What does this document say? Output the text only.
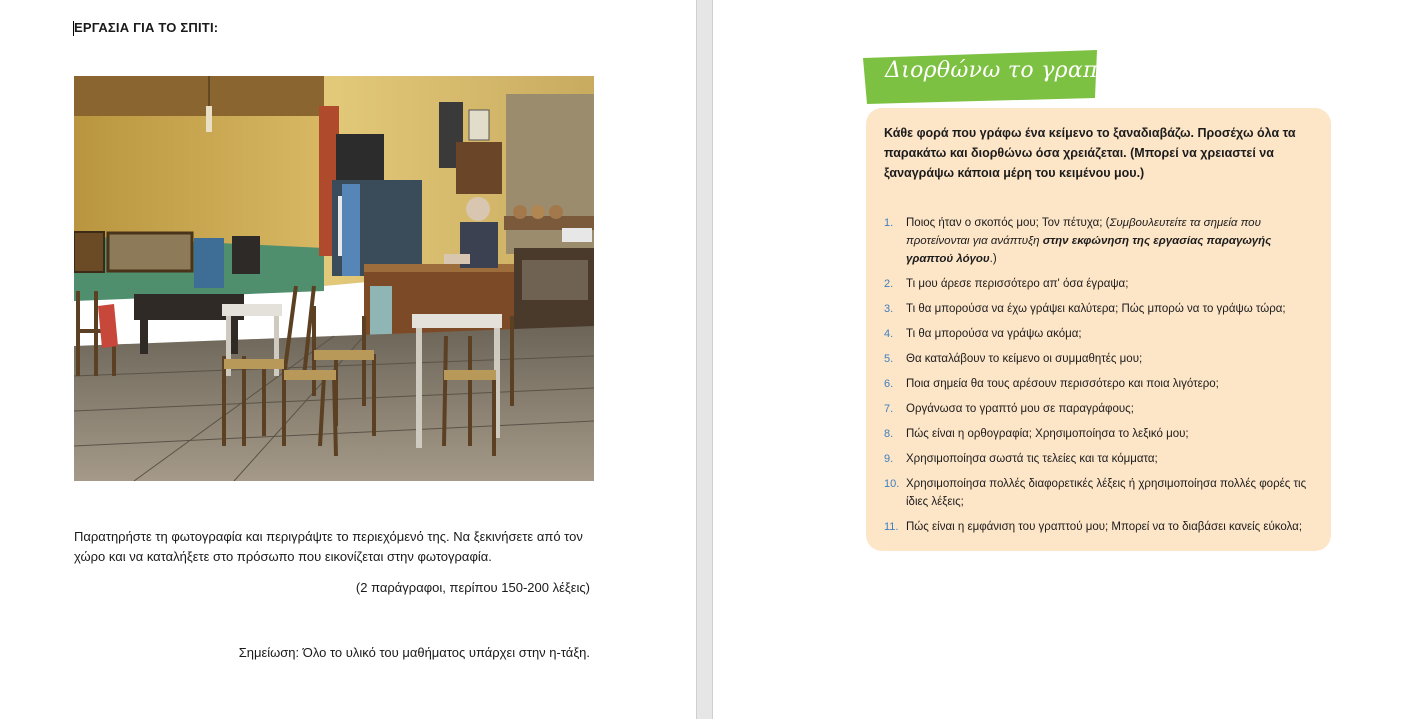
ΕΡΓΑΣΙΑ ΓΙΑ ΤΟ ΣΠΙΤΙ:
Παρατηρήστε τη φωτογραφία και περιγράψτε το περιεχόμενό της. Να ξεκινήσετε από τον χώρο και να καταλήξετε στο πρόσωπο που εικονίζεται στην φωτογραφία.
(2 παράγραφοι, περίπου 150-200 λέξεις)
Σημείωση: Όλο το υλικό του μαθήματος υπάρχει στην η-τάξη.
Διορθώνω το γραπτό μου
Κάθε φορά που γράφω ένα κείμενο το ξαναδιαβάζω. Προσέχω όλα τα παρακάτω και διορθώνω όσα χρειάζεται. (Μπορεί να χρειαστεί να ξαναγράψω κάποια μέρη του κειμένου μου.)
1. Ποιος ήταν ο σκοπός μου; Τον πέτυχα; (Συμβουλευτείτε τα σημεία που προτείνονται για ανάπτυξη στην εκφώνηση της εργασίας παραγωγής γραπτού λόγου.)
2. Τι μου άρεσε περισσότερο απ' όσα έγραψα;
3. Τι θα μπορούσα να έχω γράψει καλύτερα; Πώς μπορώ να το γράψω τώρα;
4. Τι θα μπορούσα να γράψω ακόμα;
5. Θα καταλάβουν το κείμενο οι συμμαθητές μου;
6. Ποια σημεία θα τους αρέσουν περισσότερο και ποια λιγότερο;
7. Οργάνωσα το γραπτό μου σε παραγράφους;
8. Πώς είναι η ορθογραφία; Χρησιμοποίησα το λεξικό μου;
9. Χρησιμοποίησα σωστά τις τελείες και τα κόμματα;
10. Χρησιμοποίησα πολλές διαφορετικές λέξεις ή χρησιμοποίησα πολλές φορές τις ίδιες λέξεις;
11. Πώς είναι η εμφάνιση του γραπτού μου; Μπορεί να το διαβάσει κανείς εύκολα;
